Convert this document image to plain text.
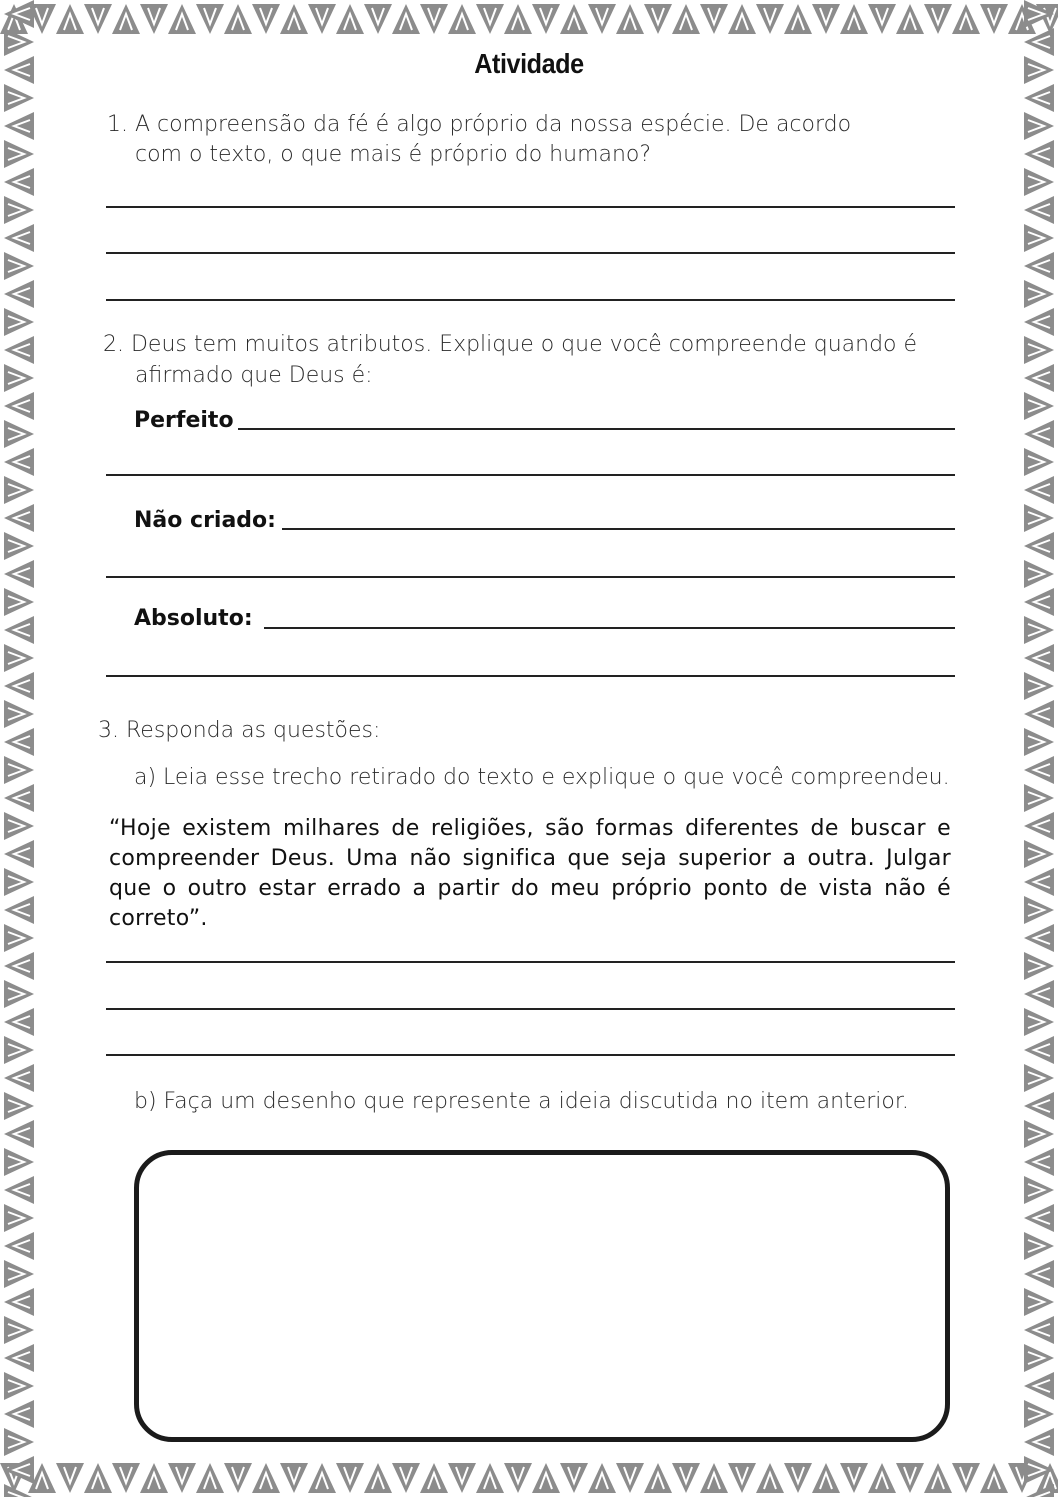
Atividade
1. A compreensão da fé é algo próprio da nossa espécie. De acordo
com o texto, o que mais é próprio do humano?
2. Deus tem muitos atributos. Explique o que você compreende quando é
afirmado que Deus é:
Perfeito
Não criado:
Absoluto:
3. Responda as questões:
a) Leia esse trecho retirado do texto e explique o que você compreendeu.
“Hoje existem milhares de religiões, são formas diferentes de buscar e compreender Deus. Uma não significa que seja superior a outra. Julgar que o outro estar errado a partir do meu próprio ponto de vista não é correto”.
b) Faça um desenho que represente a ideia discutida no item anterior.
